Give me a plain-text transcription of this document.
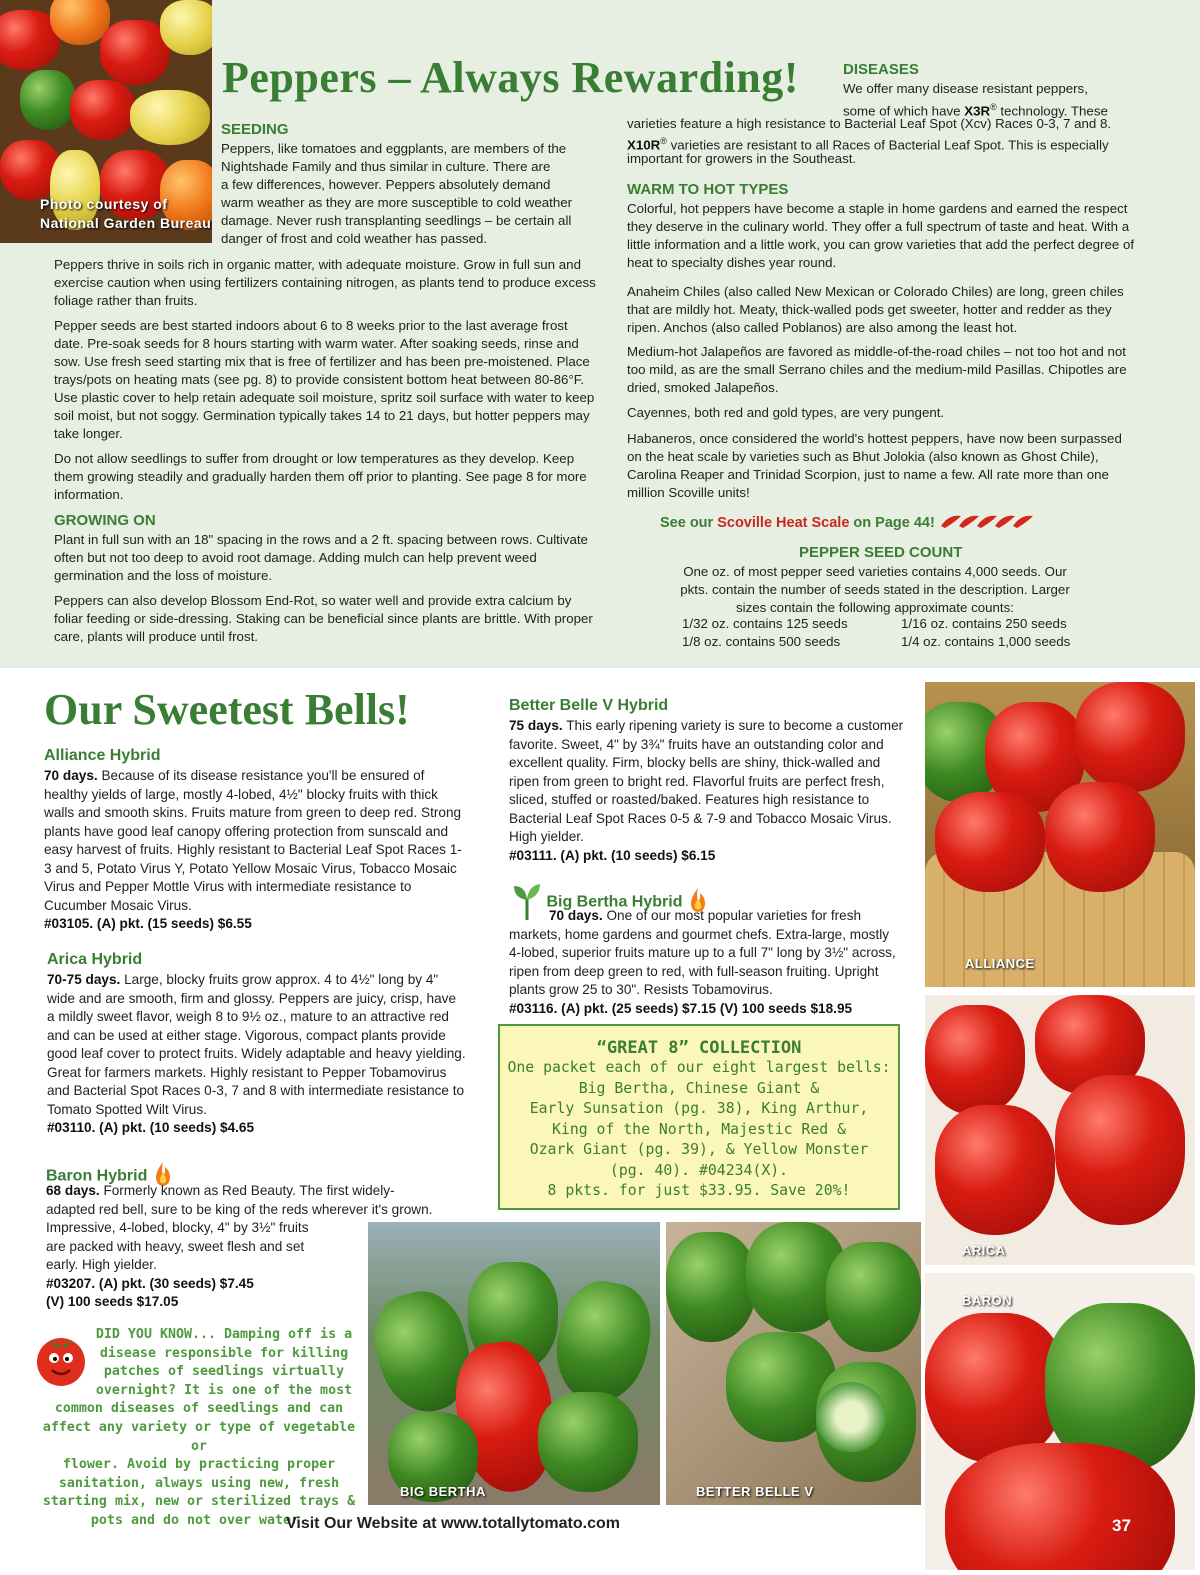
Photo courtesy of
National Garden Bureau
Peppers – Always Rewarding!
SEEDING
Peppers, like tomatoes and eggplants, are members of the
Nightshade Family and thus similar in culture. There are
a few differences, however. Peppers absolutely demand
warm weather as they are more susceptible to cold weather
damage. Never rush transplanting seedlings – be certain all
danger of frost and cold weather has passed.
Peppers thrive in soils rich in organic matter, with adequate moisture. Grow in full sun and exercise caution when using fertilizers containing nitrogen, as plants tend to produce excess foliage rather than fruits.
Pepper seeds are best started indoors about 6 to 8 weeks prior to the last average frost date. Pre-soak seeds for 8 hours starting with warm water. After soaking seeds, rinse and sow. Use fresh seed starting mix that is free of fertilizer and has been pre-moistened. Place trays/pots on heating mats (see pg. 8) to provide consistent bottom heat between 80-86°F. Use plastic cover to help retain adequate soil moisture, spritz soil surface with water to keep soil moist, but not soggy. Germination typically takes 14 to 21 days, but hotter peppers may take longer.
Do not allow seedlings to suffer from drought or low temperatures as they develop. Keep them growing steadily and gradually harden them off prior to planting. See page 8 for more information.
GROWING ON
Plant in full sun with an 18" spacing in the rows and a 2 ft. spacing between rows. Cultivate often but not too deep to avoid root damage. Adding mulch can help prevent weed germination and the loss of moisture.
Peppers can also develop Blossom End-Rot, so water well and provide extra calcium by foliar feeding or side-dressing. Staking can be beneficial since plants are brittle. With proper care, plants will produce until frost.
DISEASES
We offer many disease resistant peppers,
some of which have X3R® technology. These
varieties feature a high resistance to Bacterial Leaf Spot (Xcv) Races 0-3, 7 and 8.
X10R® varieties are resistant to all Races of Bacterial Leaf Spot. This is especially
important for growers in the Southeast.
WARM TO HOT TYPES
Colorful, hot peppers have become a staple in home gardens and earned the respect they deserve in the culinary world. They offer a full spectrum of taste and heat. With a little information and a little work, you can grow varieties that add the perfect degree of heat to specialty dishes year round.
Anaheim Chiles (also called New Mexican or Colorado Chiles) are long, green chiles that are mildly hot. Meaty, thick-walled pods get sweeter, hotter and redder as they ripen. Anchos (also called Poblanos) are also among the least hot.
Medium-hot Jalapeños are favored as middle-of-the-road chiles – not too hot and not too mild, as are the small Serrano chiles and the medium-mild Pasillas. Chipotles are dried, smoked Jalapeños.
Cayennes, both red and gold types, are very pungent.
Habaneros, once considered the world's hottest peppers, have now been surpassed on the heat scale by varieties such as Bhut Jolokia (also known as Ghost Chile), Carolina Reaper and Trinidad Scorpion, just to name a few. All rate more than one million Scoville units!
See our Scoville Heat Scale on Page 44!
PEPPER SEED COUNT
One oz. of most pepper seed varieties contains 4,000 seeds. Our
pkts. contain the number of seeds stated in the description. Larger
sizes contain the following approximate counts:
1/32 oz. contains 125 seeds	1/16 oz. contains 250 seeds
1/8 oz. contains 500 seeds	1/4 oz. contains 1,000 seeds
Our Sweetest Bells!
Alliance Hybrid
70 days. Because of its disease resistance you'll be ensured of healthy yields of large, mostly 4-lobed, 4½" blocky fruits with thick walls and smooth skins. Fruits mature from green to deep red. Strong plants have good leaf canopy offering protection from sunscald and easy harvest of fruits. Highly resistant to Bacterial Leaf Spot Races 1-3 and 5, Potato Virus Y, Potato Yellow Mosaic Virus, Tobacco Mosaic Virus and Pepper Mottle Virus with intermediate resistance to Cucumber Mosaic Virus.
#03105. (A) pkt. (15 seeds) $6.55
Arica Hybrid
70-75 days. Large, blocky fruits grow approx. 4 to 4½" long by 4" wide and are smooth, firm and glossy. Peppers are juicy, crisp, have a mildly sweet flavor, weigh 8 to 9½ oz., mature to an attractive red and can be used at either stage. Vigorous, compact plants provide good leaf cover to protect fruits. Widely adaptable and heavy yielding. Great for farmers markets. Highly resistant to Pepper Tobamovirus and Bacterial Spot Races 0-3, 7 and 8 with intermediate resistance to Tomato Spotted Wilt Virus.
#03110. (A) pkt. (10 seeds) $4.65
Baron Hybrid
68 days. Formerly known as Red Beauty. The first widely-
adapted red bell, sure to be king of the reds wherever it's grown.
Impressive, 4-lobed, blocky, 4" by 3½" fruits
are packed with heavy, sweet flesh and set
early. High yielder.
#03207. (A) pkt. (30 seeds) $7.45
(V) 100 seeds $17.05
Better Belle V Hybrid
75 days. This early ripening variety is sure to become a customer favorite. Sweet, 4" by 3¾" fruits have an outstanding color and excellent quality. Firm, blocky bells are shiny, thick-walled and ripen from green to bright red. Flavorful fruits are perfect fresh, sliced, stuffed or roasted/baked. Features high resistance to Bacterial Leaf Spot Races 0-5 & 7-9 and Tobacco Mosaic Virus. High yielder.
#03111. (A) pkt. (10 seeds) $6.15
Big Bertha Hybrid
70 days. One of our most popular varieties for fresh markets, home gardens and gourmet chefs. Extra-large, mostly 4-lobed, superior fruits mature up to a full 7" long by 3½" across, ripen from deep green to red, with full-season fruiting. Upright plants grow 25 to 30". Resists Tobamovirus.
#03116. (A) pkt. (25 seeds) $7.15 (V) 100 seeds $18.95
“GREAT 8” COLLECTION
One packet each of our eight largest bells:
Big Bertha, Chinese Giant &
Early Sunsation (pg. 38), King Arthur,
King of the North, Majestic Red &
Ozark Giant (pg. 39), & Yellow Monster
(pg. 40). #04234(X).
8 pkts. for just $33.95. Save 20%!
DID YOU KNOW... Damping off is a
disease responsible for killing
patches of seedlings virtually
overnight? It is one of the most
common diseases of seedlings and can
affect any variety or type of vegetable or
flower. Avoid by practicing proper
sanitation, always using new, fresh
starting mix, new or sterilized trays &
pots and do not over water.
BIG BERTHA	BETTER BELLE V
ALLIANCE
ARICA
BARON
Visit Our Website at www.totallytomato.com	37
